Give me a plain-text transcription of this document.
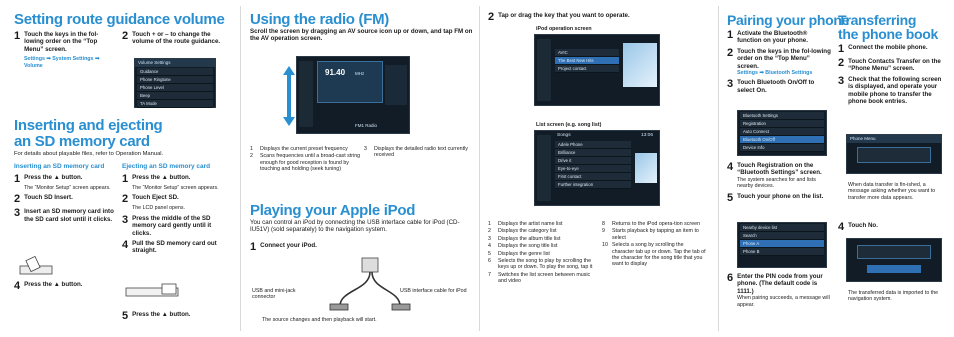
Setting route guidance volume
1 Touch the keys in the fol-lowing order on the “Top Menu” screen.
Settings ➡ System Settings ➡ Volume
2 Touch + or – to change the volume of the route guidance.
Volume Settings
Guidance
Phone Ringtone
Phone Level
Beep
TA Mode
Inserting and ejecting
an SD memory card
For details about playable files, refer to Operation Manual.
Inserting an SD memory card
1 Press the ▲ button.
The “Monitor Setup” screen appears.
2 Touch SD Insert.
3 Insert an SD memory card into the SD card slot until it clicks.
4 Press the ▲ button.
Ejecting an SD memory card
1 Press the ▲ button.
The “Monitor Setup” screen appears.
2 Touch Eject SD.
The LCD panel opens.
3 Press the middle of the SD memory card gently until it clicks.
4 Pull the SD memory card out straight.
5 Press the ▲ button.
Using the radio (FM)
Scroll the screen by dragging an AV source icon up or down, and tap FM on the AV operation screen.
91.40 MHz
FM1 Radio
1	Displays the current preset frequency
2	Scans frequencies until a broad-cast string enough for good reception is found by touching and holding (seek tuning)
3	Displays the detailed radio text currently received
Playing your Apple iPod
You can control an iPod by connecting the USB interface cable for iPod (CD-IU51V) (sold separately) to the navigation system.
1 Connect your iPod.
USB and mini-jack connector
USB interface cable for iPod
The source changes and then playback will start.
2 Tap or drag the key that you want to operate.
iPod operation screen
AVIC
The Best New Hits
Project contact
List screen (e.g. song list)
Songs	13:06
Adele Phone
Brilliance
Drive it
Eye-to-eye
First contact
Further integration
1	Displays the artist name list
2	Displays the category list
3	Displays the album title list
4	Displays the song title list
5	Displays the genre list
6	Selects the song to play by scrolling the keys up or down. To play the song, tap it
7	Switches the list screen between music and video
8	Returns to the iPod opera-tion screen
9	Starts playback by tapping an item to select
10 Selects a song by scrolling the character tab up or down. Tap the tab of the character for the song title that you want to display
Pairing your phone
1 Activate the Bluetooth® function on your phone.
2 Touch the keys in the fol-lowing order on the “Top Menu” screen.
Settings ➡ Bluetooth Settings
3 Touch Bluetooth On/Off to select On.
Bluetooth Settings
Registration
Auto Connect
Bluetooth On/Off
Device Info
4 Touch Registration on the “Bluetooth Settings” screen.
The system searches for and lists nearby devices.
5 Touch your phone on the list.
Nearby device list
Search
Phone A
Phone B
6 Enter the PIN code from your phone. (The default code is 1111.)
When pairing succeeds, a message will appear.
Transferring
the phone book
1 Connect the mobile phone.
2 Touch Contacts Transfer on the “Phone Menu” screen.
3 Check that the following screen is displayed, and operate your mobile phone to transfer the phone book entries.
Phone Menu
When data transfer is fin-ished, a message asking whether you want to transfer more data appears.
4 Touch No.
The transferred data is imported to the navigation system.
